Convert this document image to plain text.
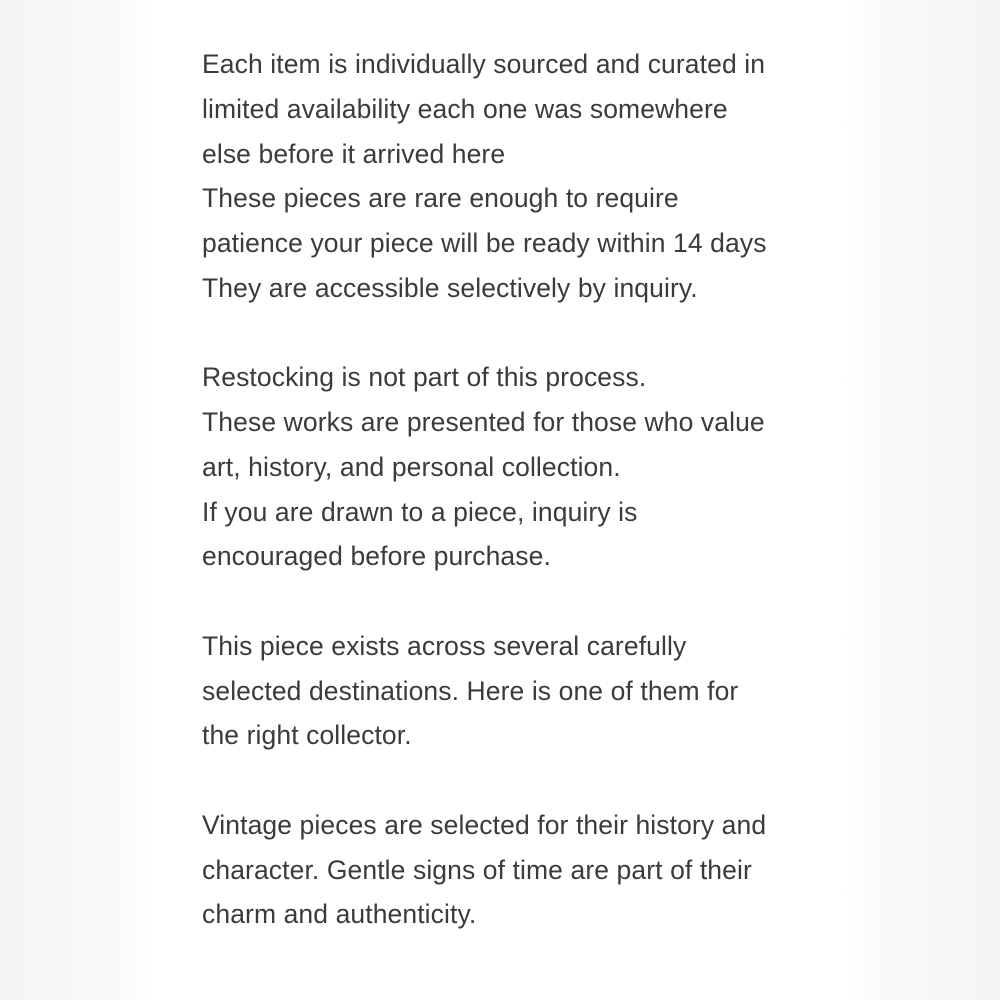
Each item is individually sourced and curated in
limited availability each one was somewhere
else before it arrived here
These pieces are rare enough to require
patience your piece will be ready within 14 days
They are accessible selectively by inquiry.
Restocking is not part of this process.
These works are presented for those who value
art, history, and personal collection.
If you are drawn to a piece, inquiry is
encouraged before purchase.
This piece exists across several carefully
selected destinations. Here is one of them for
the right collector.
Vintage pieces are selected for their history and
character. Gentle signs of time are part of their
charm and authenticity.
